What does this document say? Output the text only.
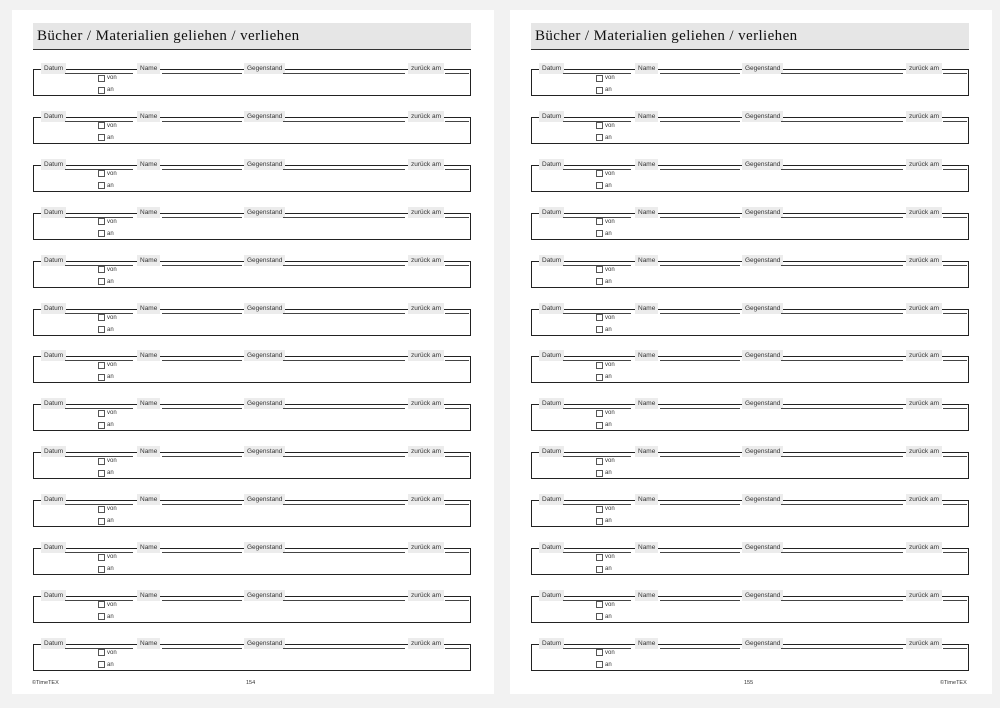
Bücher / Materialien geliehen / verliehen
Datum	Name	Gegenstand	zurück am
von
an
Datum	Name	Gegenstand	zurück am
von
an
Datum	Name	Gegenstand	zurück am
von
an
Datum	Name	Gegenstand	zurück am
von
an
Datum	Name	Gegenstand	zurück am
von
an
Datum	Name	Gegenstand	zurück am
von
an
Datum	Name	Gegenstand	zurück am
von
an
Datum	Name	Gegenstand	zurück am
von
an
Datum	Name	Gegenstand	zurück am
von
an
Datum	Name	Gegenstand	zurück am
von
an
Datum	Name	Gegenstand	zurück am
von
an
Datum	Name	Gegenstand	zurück am
von
an
Datum	Name	Gegenstand	zurück am
von
an
©TimeTEX	154
Bücher / Materialien geliehen / verliehen
Datum	Name	Gegenstand	zurück am
von
an
Datum	Name	Gegenstand	zurück am
von
an
Datum	Name	Gegenstand	zurück am
von
an
Datum	Name	Gegenstand	zurück am
von
an
Datum	Name	Gegenstand	zurück am
von
an
Datum	Name	Gegenstand	zurück am
von
an
Datum	Name	Gegenstand	zurück am
von
an
Datum	Name	Gegenstand	zurück am
von
an
Datum	Name	Gegenstand	zurück am
von
an
Datum	Name	Gegenstand	zurück am
von
an
Datum	Name	Gegenstand	zurück am
von
an
Datum	Name	Gegenstand	zurück am
von
an
Datum	Name	Gegenstand	zurück am
von
an
155	©TimeTEX
